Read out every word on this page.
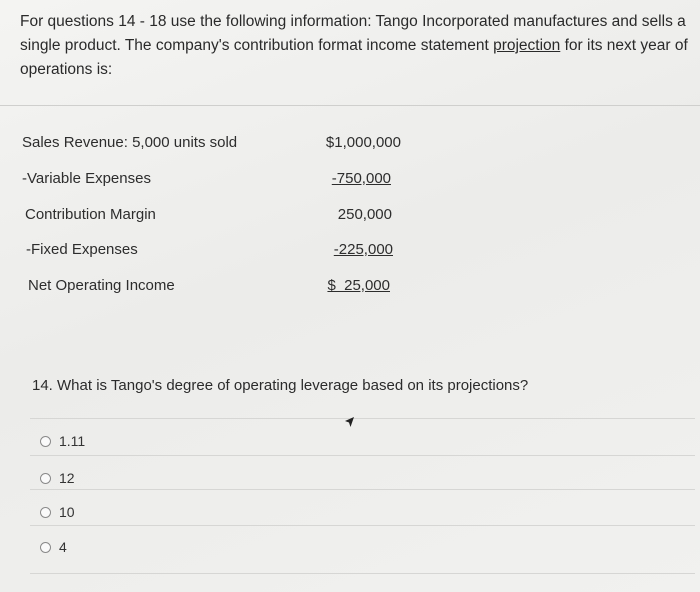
For questions 14 - 18 use the following information: Tango Incorporated manufactures and sells a single product. The company's contribution format income statement projection for its next year of operations is:
Sales Revenue: 5,000 units sold	$1,000,000
-Variable Expenses	-750,000
Contribution Margin	250,000
-Fixed Expenses	-225,000
Net Operating Income	$  25,000
14. What is Tango's degree of operating leverage based on its projections?
1.11
12
10
4
